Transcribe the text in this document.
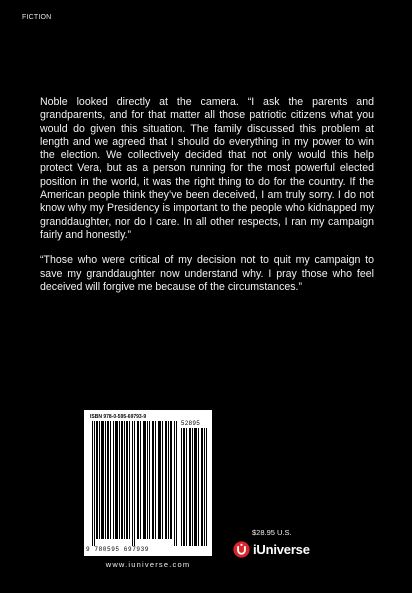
FICTION

Noble looked directly at the camera. “I ask the parents and grandparents, and for that matter all those patriotic citizens what you would do given this situation. The family discussed this problem at length and we agreed that I should do everything in my power to win the election. We collectively decided that not only would this help protect Vera, but as a person running for the most powerful elected position in the world, it was the right thing to do for the country. If the American people think they’ve been deceived, I am truly sorry. I do not know why my Presidency is important to the people who kidnapped my granddaughter, nor do I care. In all other respects, I ran my campaign fairly and honestly.”

“Those who were critical of my decision not to quit my campaign to save my granddaughter now understand why. I pray those who feel deceived will forgive me because of the circumstances.”

ISBN 978-0-595-69793-9
52895
9 780595 697939
www.iuniverse.com
$28.95 U.S.
iUniverse
